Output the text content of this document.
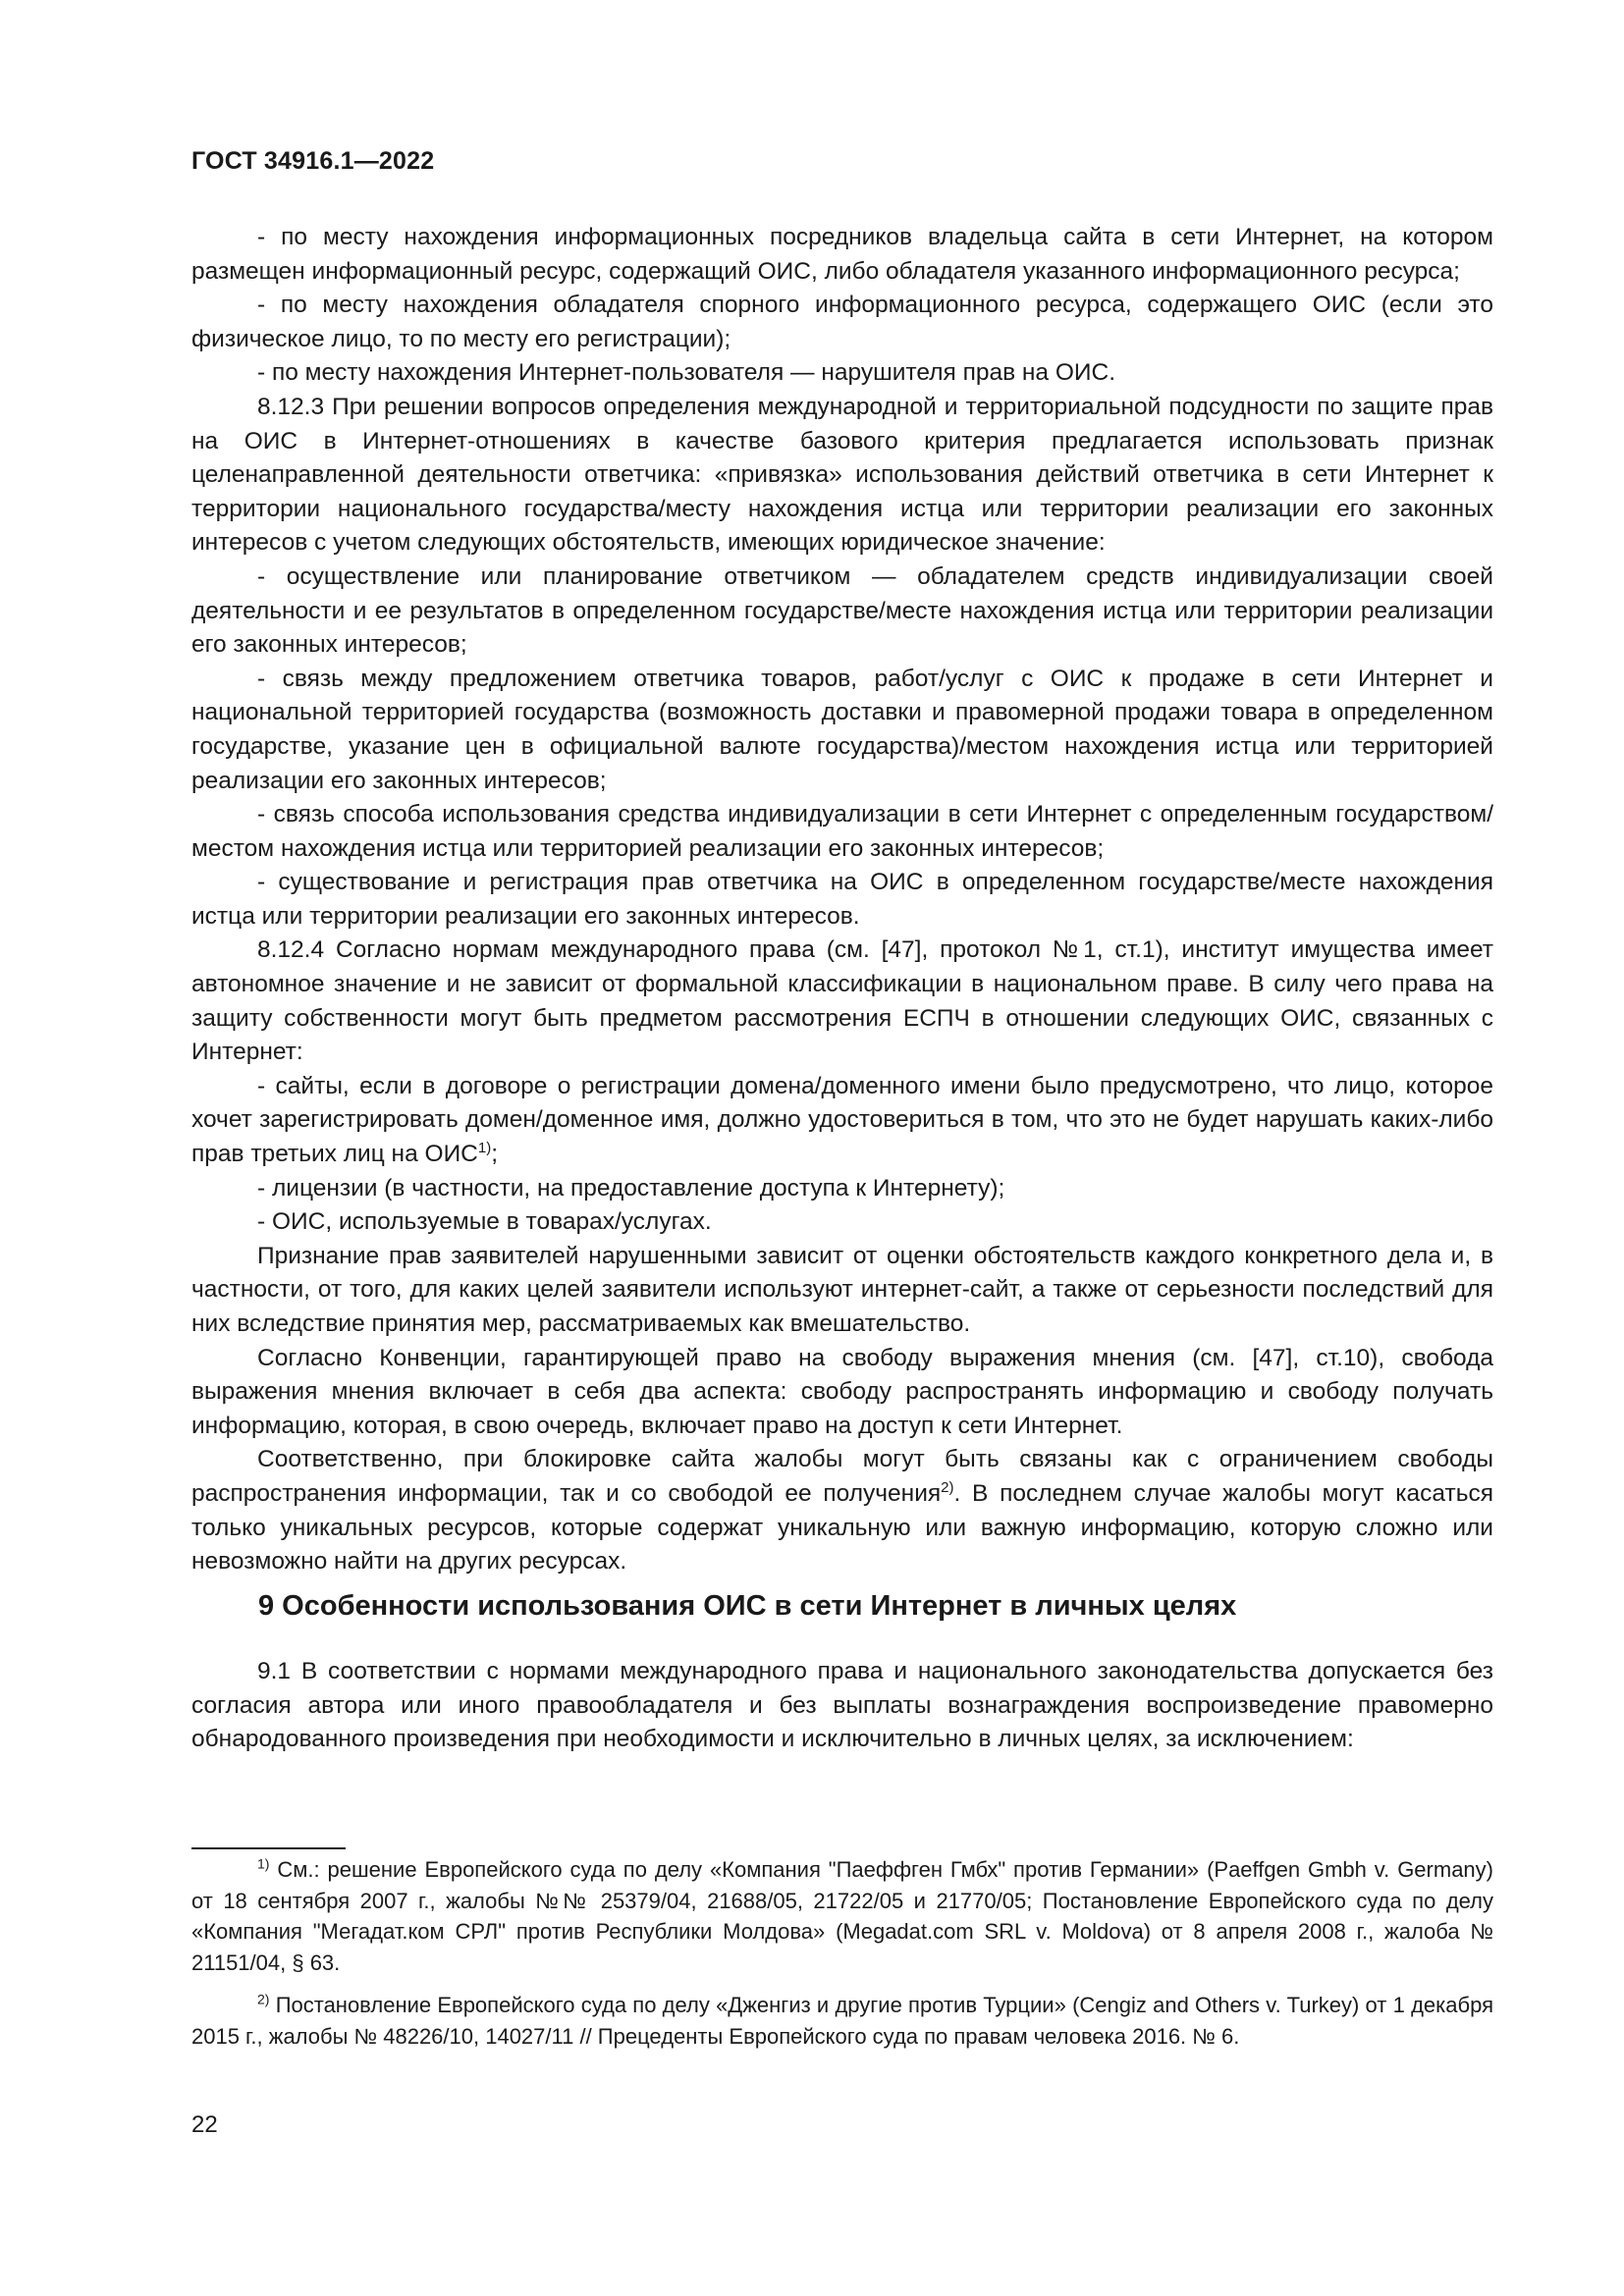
ГОСТ 34916.1—2022

- по месту нахождения информационных посредников владельца сайта в сети Интернет, на котором размещен информационный ресурс, содержащий ОИС, либо обладателя указанного информационного ресурса;

- по месту нахождения обладателя спорного информационного ресурса, содержащего ОИС (если это физическое лицо, то по месту его регистрации);

- по месту нахождения Интернет-пользователя — нарушителя прав на ОИС.

8.12.3 При решении вопросов определения международной и территориальной подсудности по защите прав на ОИС в Интернет-отношениях в качестве базового критерия предлагается использовать признак целенаправленной деятельности ответчика: «привязка» использования действий ответчика в сети Интернет к территории национального государства/месту нахождения истца или территории реализации его законных интересов с учетом следующих обстоятельств, имеющих юридическое значение:

- осуществление или планирование ответчиком — обладателем средств индивидуализации своей деятельности и ее результатов в определенном государстве/месте нахождения истца или территории реализации его законных интересов;

- связь между предложением ответчика товаров, работ/услуг с ОИС к продаже в сети Интернет и национальной территорией государства (возможность доставки и правомерной продажи товара в определенном государстве, указание цен в официальной валюте государства)/местом нахождения истца или территорией реализации его законных интересов;

- связь способа использования средства индивидуализации в сети Интернет с определенным государством/местом нахождения истца или территорией реализации его законных интересов;

- существование и регистрация прав ответчика на ОИС в определенном государстве/месте нахождения истца или территории реализации его законных интересов.

8.12.4 Согласно нормам международного права (см. [47], протокол №1, ст.1), институт имущества имеет автономное значение и не зависит от формальной классификации в национальном праве. В силу чего права на защиту собственности могут быть предметом рассмотрения ЕСПЧ в отношении следующих ОИС, связанных с Интернет:

- сайты, если в договоре о регистрации домена/доменного имени было предусмотрено, что лицо, которое хочет зарегистрировать домен/доменное имя, должно удостовериться в том, что это не будет нарушать каких-либо прав третьих лиц на ОИС$^{1)}$;

- лицензии (в частности, на предоставление доступа к Интернету);

- ОИС, используемые в товарах/услугах.

Признание прав заявителей нарушенными зависит от оценки обстоятельств каждого конкретного дела и, в частности, от того, для каких целей заявители используют интернет-сайт, а также от серьезности последствий для них вследствие принятия мер, рассматриваемых как вмешательство.

Согласно Конвенции, гарантирующей право на свободу выражения мнения (см. [47], ст.10), свобода выражения мнения включает в себя два аспекта: свободу распространять информацию и свободу получать информацию, которая, в свою очередь, включает право на доступ к сети Интернет.

Соответственно, при блокировке сайта жалобы могут быть связаны как с ограничением свободы распространения информации, так и со свободой ее получения$^{2)}$. В последнем случае жалобы могут касаться только уникальных ресурсов, которые содержат уникальную или важную информацию, которую сложно или невозможно найти на других ресурсах.

9 Особенности использования ОИС в сети Интернет в личных целях

9.1 В соответствии с нормами международного права и национального законодательства допускается без согласия автора или иного правообладателя и без выплаты вознаграждения воспроизведение правомерно обнародованного произведения при необходимости и исключительно в личных целях, за исключением:

$^{1)}$ См.: решение Европейского суда по делу «Компания "Паеффген Гмбх" против Германии» (Paeffgen Gmbh v. Germany) от 18 сентября 2007 г., жалобы №№ 25379/04, 21688/05, 21722/05 и 21770/05; Постановление Европейского суда по делу «Компания "Мегадат.ком СРЛ" против Республики Молдова» (Megadat.com SRL v. Moldova) от 8 апреля 2008 г., жалоба № 21151/04, § 63.

$^{2)}$ Постановление Европейского суда по делу «Дженгиз и другие против Турции» (Cengiz and Others v. Turkey) от 1 декабря 2015 г., жалобы № 48226/10, 14027/11 // Прецеденты Европейского суда по правам человека 2016. № 6.

22
